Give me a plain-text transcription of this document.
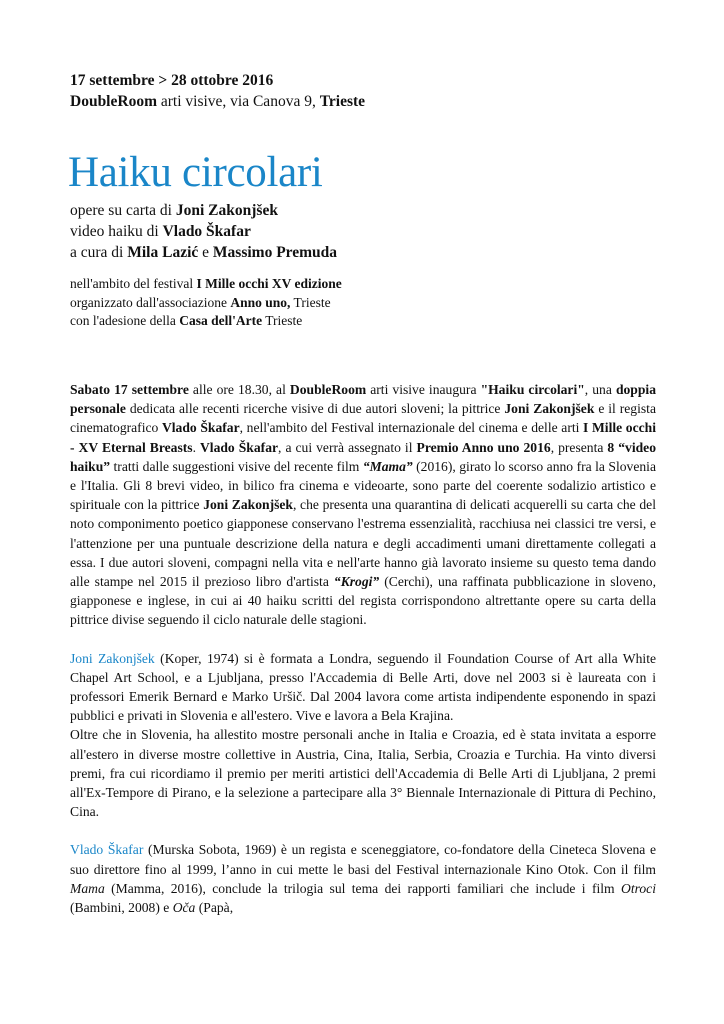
17 settembre > 28 ottobre 2016
DoubleRoom arti visive, via Canova 9, Trieste
Haiku circolari
opere su carta di Joni Zakonjšek
video haiku di Vlado Škafar
a cura di Mila Lazić e Massimo Premuda
nell'ambito del festival I Mille occhi XV edizione
organizzato dall'associazione Anno uno, Trieste
con l'adesione della Casa dell'Arte Trieste

Sabato 17 settembre alle ore 18.30, al DoubleRoom arti visive inaugura "Haiku circolari", una doppia personale dedicata alle recenti ricerche visive di due autori sloveni; la pittrice Joni Zakonjšek e il regista cinematografico Vlado Škafar, nell'ambito del Festival internazionale del cinema e delle arti I Mille occhi - XV Eternal Breasts. Vlado Škafar, a cui verrà assegnato il Premio Anno uno 2016, presenta 8 “video haiku” tratti dalle suggestioni visive del recente film “Mama” (2016), girato lo scorso anno fra la Slovenia e l'Italia. Gli 8 brevi video, in bilico fra cinema e videoarte, sono parte del coerente sodalizio artistico e spirituale con la pittrice Joni Zakonjšek, che presenta una quarantina di delicati acquerelli su carta che del noto componimento poetico giapponese conservano l'estrema essenzialità, racchiusa nei classici tre versi, e l'attenzione per una puntuale descrizione della natura e degli accadimenti umani direttamente collegati a essa. I due autori sloveni, compagni nella vita e nell'arte hanno già lavorato insieme su questo tema dando alle stampe nel 2015 il prezioso libro d'artista “Krogi” (Cerchi), una raffinata pubblicazione in sloveno, giapponese e inglese, in cui ai 40 haiku scritti del regista corrispondono altrettante opere su carta della pittrice divise seguendo il ciclo naturale delle stagioni.

Joni Zakonjšek (Koper, 1974) si è formata a Londra, seguendo il Foundation Course of Art alla White Chapel Art School, e a Ljubljana, presso l'Accademia di Belle Arti, dove nel 2003 si è laureata con i professori Emerik Bernard e Marko Uršič. Dal 2004 lavora come artista indipendente esponendo in spazi pubblici e privati in Slovenia e all'estero. Vive e lavora a Bela Krajina.

Oltre che in Slovenia, ha allestito mostre personali anche in Italia e Croazia, ed è stata invitata a esporre all'estero in diverse mostre collettive in Austria, Cina, Italia, Serbia, Croazia e Turchia. Ha vinto diversi premi, fra cui ricordiamo il premio per meriti artistici dell'Accademia di Belle Arti di Ljubljana, 2 premi all'Ex-Tempore di Pirano, e la selezione a partecipare alla 3° Biennale Internazionale di Pittura di Pechino, Cina.

Vlado Škafar (Murska Sobota, 1969) è un regista e sceneggiatore, co-fondatore della Cineteca Slovena e suo direttore fino al 1999, l’anno in cui mette le basi del Festival internazionale Kino Otok. Con il film Mama (Mamma, 2016), conclude la trilogia sul tema dei rapporti familiari che include i film Otroci (Bambini, 2008) e Oča (Papà,
